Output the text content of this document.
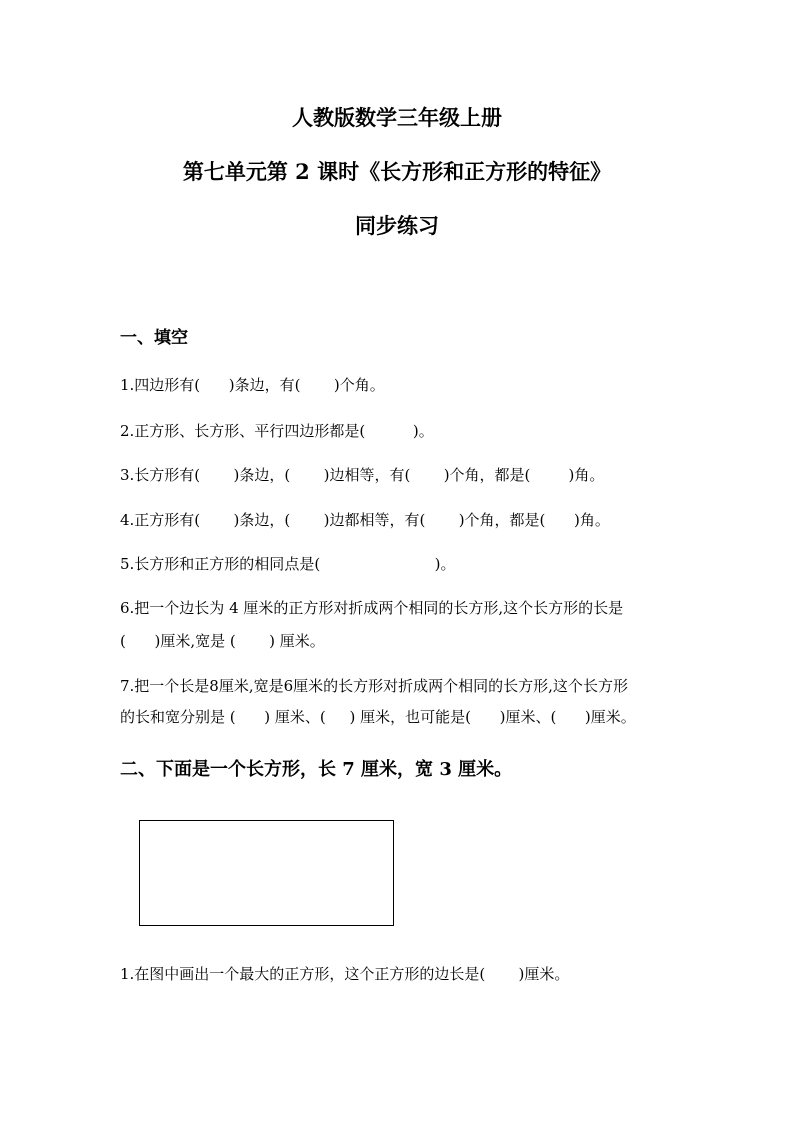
人教版数学三年级上册
第七单元第 2 课时《长方形和正方形的特征》
同步练习

一、填空

1.四边形有(      )条边，有(       )个角。

2.正方形、长方形、平行四边形都是(          )。

3.长方形有(       )条边，(       )边相等，有(       )个角，都是(        )角。

4.正方形有(       )条边，(       )边都相等，有(       )个角，都是(      )角。

5.长方形和正方形的相同点是(                        )。

6.把一个边长为 4 厘米的正方形对折成两个相同的长方形,这个长方形的长是

(      )厘米,宽是 (       ) 厘米。

7.把一个长是8厘米,宽是6厘米的长方形对折成两个相同的长方形,这个长方形

的长和宽分别是 (      ) 厘米、(     ) 厘米，也可能是(      )厘米、(      )厘米。

二、下面是一个长方形，长 7 厘米，宽 3 厘米。

1.在图中画出一个最大的正方形，这个正方形的边长是(       )厘米。
